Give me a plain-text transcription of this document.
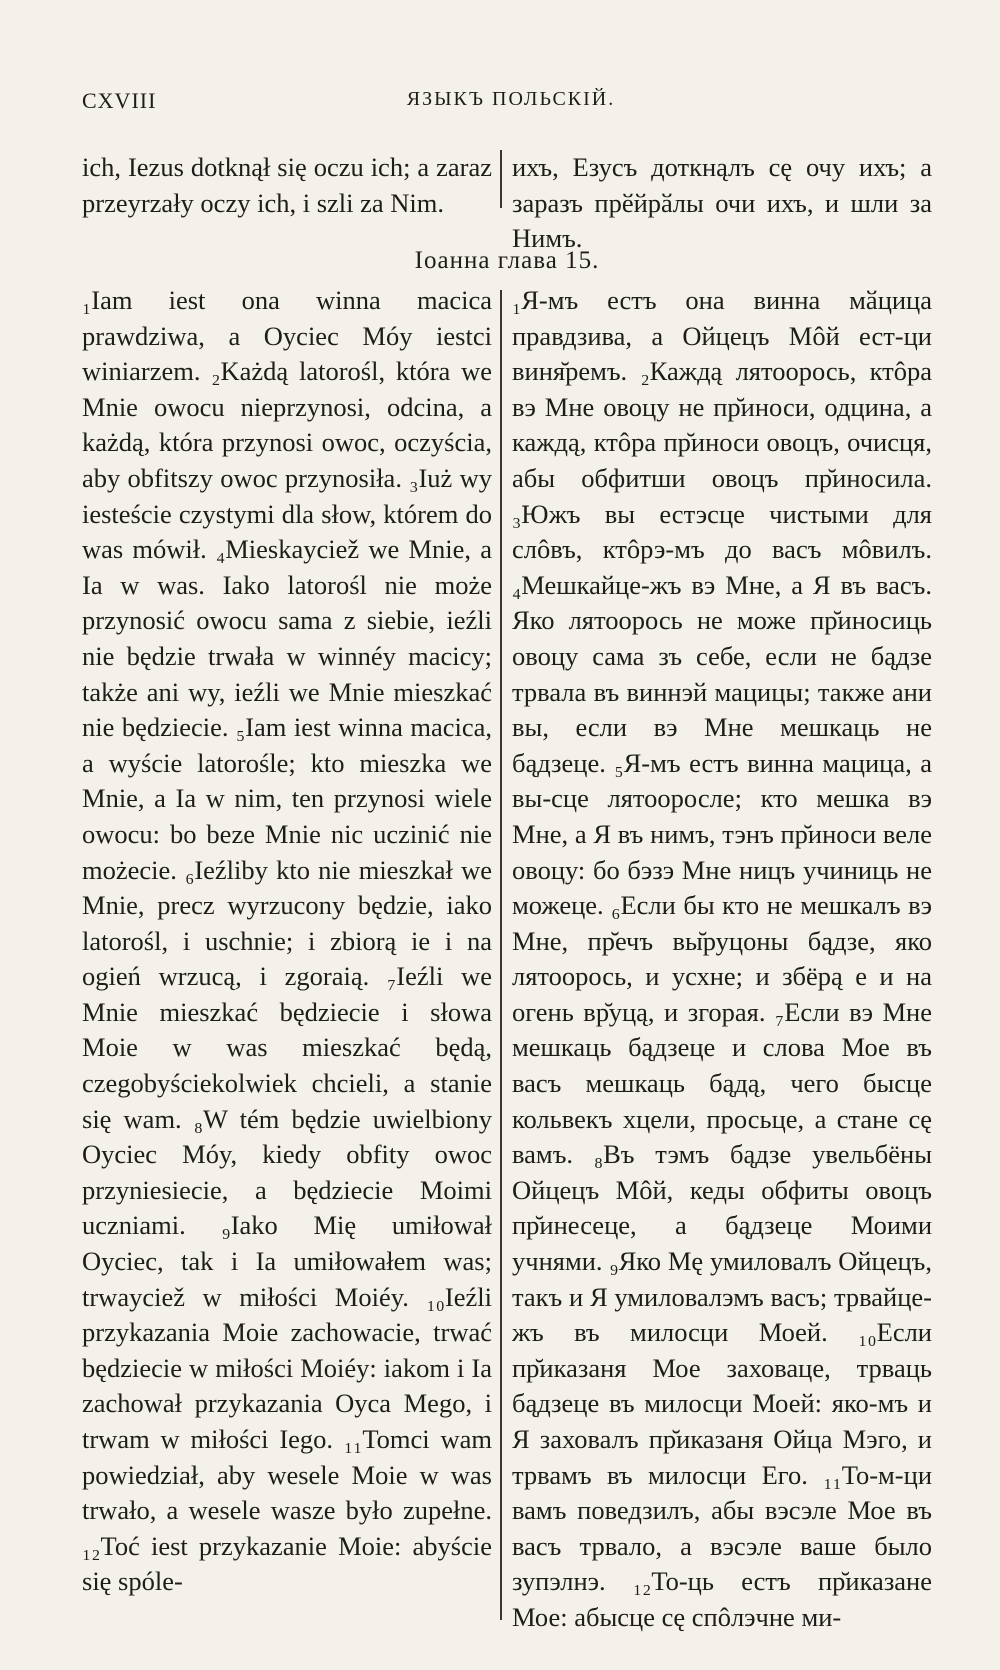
CXVIII	ЯЗЫКЪ ПОЛЬСКІЙ.

ich, Iezus dotknął się oczu ich; a zaraz przeyrzały oczy ich, i szli za Nim.

ихъ, Езусъ доткнąлъ сę очу ихъ; а заразъ прӗйрӑлы очи ихъ, и шли за Нимъ.

Іоанна глава 15.

₁Iam iest ona winna macica prawdziwa, a Oyciec Móy iestci winiarzem. ₂Każdą latorośl, która we Mnie owocu nieprzynosi, odcina, a każdą, która przynosi owoc, oczyścia, aby obfitszy owoc przynosiła. ₃Iuż wy iesteście czystymi dla słow, którem do was mówił. ₄Mieskayciež we Mnie, a Ia w was. Iako latorośl nie może przynosić owocu sama z siebie, ieźli nie będzie trwała w winnéy macicy; także ani wy, ieźli we Mnie mieszkać nie będziecie. ₅Iam iest winna macica, a wyście latorośle; kto mieszka we Mnie, a Ia w nim, ten przynosi wiele owocu: bo beze Mnie nic uczinić nie możecie. ₆Ieźliby kto nie mieszkał we Mnie, precz wyrzucony będzie, iako latorośl, i uschnie; i zbiorą ie i na ogień wrzucą, i zgoraią. ₇Ieźli we Mnie mieszkać będziecie i słowa Moie w was mieszkać będą, czegobyściekolwiek chcieli, a stanie się wam. ₈W tém będzie uwielbiony Oyciec Móy, kiedy obfity owoc przyniesiecie, a będziecie Moimi uczniami. ₉Iako Mię umiłował Oyciec, tak i Ia umiłowałem was; trwayciež w miłości Moiéy. ₁₀Ieźli przykazania Moie zachowacie, trwać będziecie w miłości Moiéy: iakom i Ia zachował przykazania Oyca Mego, i trwam w miłości Iego. ₁₁Tomci wam powiedział, aby wesele Moie w was trwało, a wesele wasze było zupełne. ₁₂Toć iest przykazanie Moie: abyście się spóle-

₁Я-мъ естъ она винна мӑцица правдзива, а Ойцецъ Мôй ест-ци виня̆ремъ. ₂Каждą лятоoрось, ктôра вэ Мне овоцу не пр̆иноси, одцина, а каждą, ктôра пр̆иноси овоцъ, очисця, абы обфитши овоцъ пр̆иносила. ₃Южъ вы естэсце чистыми для слôвъ, ктôрэ-мъ до васъ мôвилъ. ₄Мешкайце-жъ вэ Мне, а Я въ васъ. Яко лятоoрось не може пр̆иносиць овоцу сама зъ себе, если не бąдзе трвала въ виннэй мацицы; такжe ани вы, если вэ Мне мешкаць не бąдзеце. ₅Я-мъ естъ винна мацица, а вы-сце лятоoросле; кто мешка вэ Мне, а Я въ нимъ, тэнъ пр̆иноси веле овоцу: бо бэзэ Мне ницъ учиниць не можеце. ₆Если бы кто не мешкалъ вэ Мне, пр̆ечъ вы̆руцоны бąдзе, яко лятоoрось, и усхне; и збёрą е и на огень вр̆уцą, и згорая. ₇Если вэ Мне мешкаць бąдзеце и слова Мое въ васъ мешкаць бąдą, чего бысце кольвекъ хцели, просьце, а стане сę вамъ. ₈Въ тэмъ бąдзе увельбёны Ойцецъ Мôй, кеды обфиты овоцъ пр̆инесеце, а бąдзеце Моими учнями. ₉Яко Мę умиловалъ Ойцецъ, такъ и Я умиловалэмъ васъ; трвайце-жъ въ милосци Моей. ₁₀Если пр̆иказаня Мое заховаце, трваць бąдзеце въ милосци Моей: яко-мъ и Я заховалъ пр̆иказаня Ойца Мэго, и трвамъ въ милосци Его. ₁₁То-м-ци вамъ поведзилъ, абы вэсэле Мое въ васъ трвало, а вэсэле ваше было зупэлнэ. ₁₂То-ць естъ пр̆иказане Мое: абысце сę спôлэчне ми-
